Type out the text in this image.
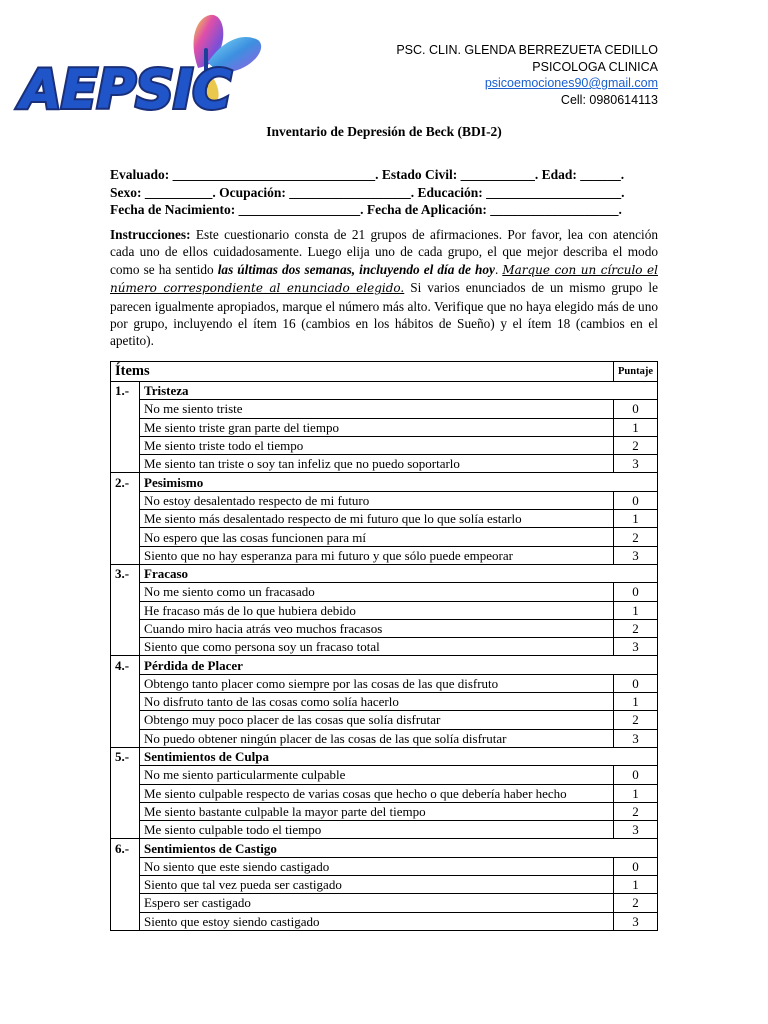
AEPSIC
PSC. CLIN. GLENDA BERREZUETA CEDILLO
PSICOLOGA CLINICA
psicoemociones90@gmail.com
Cell: 0980614113
Inventario de Depresión de Beck (BDI-2)
Evaluado: ______________________________. Estado Civil: ___________. Edad: ______.
Sexo: __________. Ocupación: __________________. Educación: ____________________.
Fecha de Nacimiento: __________________. Fecha de Aplicación: ___________________.
Instrucciones: Este cuestionario consta de 21 grupos de afirmaciones. Por favor, lea con atención cada uno de ellos cuidadosamente. Luego elija uno de cada grupo, el que mejor describa el modo como se ha sentido las últimas dos semanas, incluyendo el día de hoy. Marque con un círculo el número correspondiente al enunciado elegido. Si varios enunciados de un mismo grupo le parecen igualmente apropiados, marque el número más alto. Verifique que no haya elegido más de uno por grupo, incluyendo el ítem 16 (cambios en los hábitos de Sueño) y el ítem 18 (cambios en el apetito).
Ítems		Puntaje
1.-	Tristeza	
	No me siento triste	0
	Me siento triste gran parte del tiempo	1
	Me siento triste todo el tiempo	2
	Me siento tan triste o soy tan infeliz que no puedo soportarlo	3
2.-	Pesimismo	
	No estoy desalentado respecto de mi futuro	0
	Me siento más desalentado respecto de mi futuro que lo que solía estarlo	1
	No espero que las cosas funcionen para mí	2
	Siento que no hay esperanza para mi futuro y que sólo puede empeorar	3
3.-	Fracaso	
	No me siento como un fracasado	0
	He fracaso más de lo que hubiera debido	1
	Cuando miro hacia atrás veo muchos fracasos	2
	Siento que como persona soy un fracaso total	3
4.-	Pérdida de Placer	
	Obtengo tanto placer como siempre por las cosas de las que disfruto	0
	No disfruto tanto de las cosas como solía hacerlo	1
	Obtengo muy poco placer de las cosas que solía disfrutar	2
	No puedo obtener ningún placer de las cosas de las que solía disfrutar	3
5.-	Sentimientos de Culpa	
	No me siento particularmente culpable	0
	Me siento culpable respecto de varias cosas que hecho o que debería haber hecho	1
	Me siento bastante culpable la mayor parte del tiempo	2
	Me siento culpable todo el tiempo	3
6.-	Sentimientos de Castigo	
	No siento que este siendo castigado	0
	Siento que tal vez pueda ser castigado	1
	Espero ser castigado	2
	Siento que estoy siendo castigado	3
